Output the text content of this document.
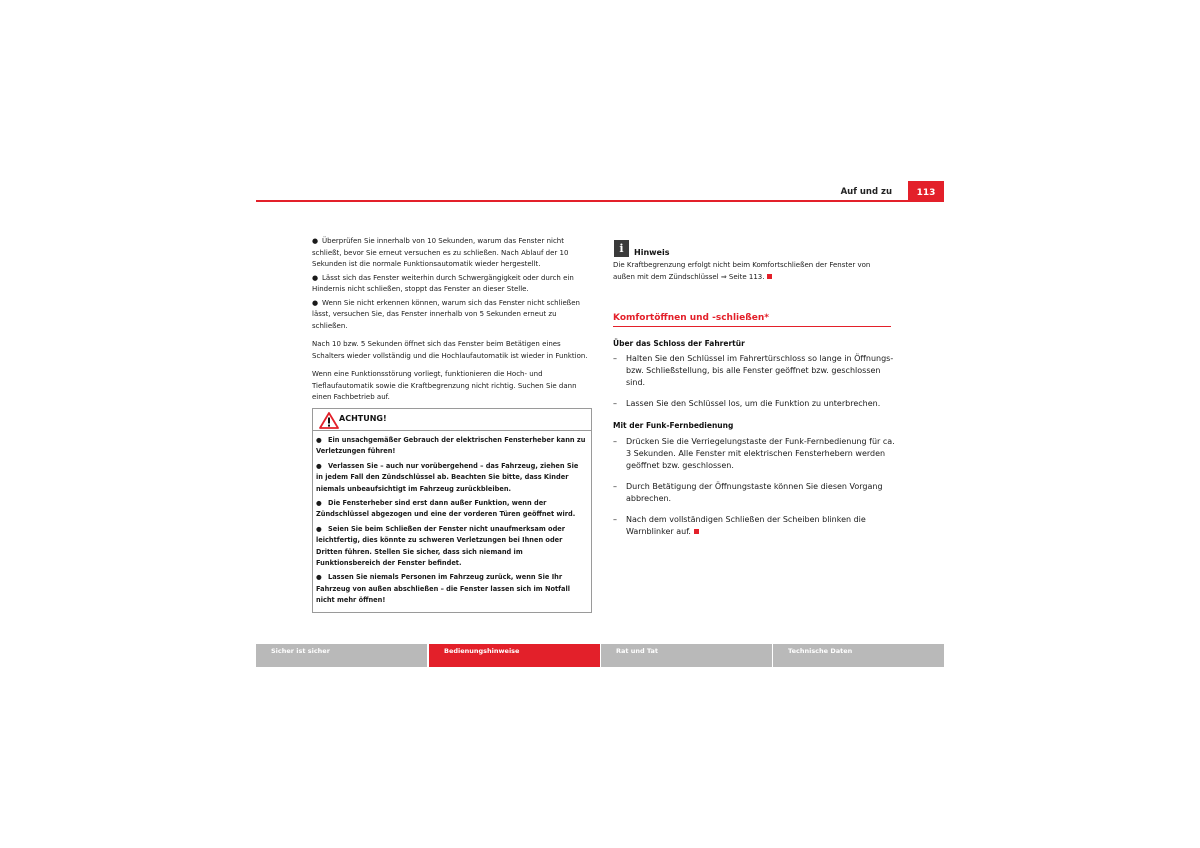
Auf und zu	113
● Überprüfen Sie innerhalb von 10 Sekunden, warum das Fenster nicht schließt, bevor Sie erneut versuchen es zu schließen. Nach Ablauf der 10 Sekunden ist die normale Funktionsautomatik wieder hergestellt.
● Lässt sich das Fenster weiterhin durch Schwergängigkeit oder durch ein Hindernis nicht schließen, stoppt das Fenster an dieser Stelle.
● Wenn Sie nicht erkennen können, warum sich das Fenster nicht schließen lässt, versuchen Sie, das Fenster innerhalb von 5 Sekunden erneut zu schließen.

Nach 10 bzw. 5 Sekunden öffnet sich das Fenster beim Betätigen eines Schalters wieder vollständig und die Hochlaufautomatik ist wieder in Funktion.

Wenn eine Funktionsstörung vorliegt, funktionieren die Hoch- und Tieflaufautomatik sowie die Kraftbegrenzung nicht richtig. Suchen Sie dann einen Fachbetrieb auf.

ACHTUNG!
● Ein unsachgemäßer Gebrauch der elektrischen Fensterheber kann zu Verletzungen führen!
● Verlassen Sie – auch nur vorübergehend – das Fahrzeug, ziehen Sie in jedem Fall den Zündschlüssel ab. Beachten Sie bitte, dass Kinder niemals unbeaufsichtigt im Fahrzeug zurückbleiben.
● Die Fensterheber sind erst dann außer Funktion, wenn der Zündschlüssel abgezogen und eine der vorderen Türen geöffnet wird.
● Seien Sie beim Schließen der Fenster nicht unaufmerksam oder leichtfertig, dies könnte zu schweren Verletzungen bei Ihnen oder Dritten führen. Stellen Sie sicher, dass sich niemand im Funktionsbereich der Fenster befindet.
● Lassen Sie niemals Personen im Fahrzeug zurück, wenn Sie Ihr Fahrzeug von außen abschließen – die Fenster lassen sich im Notfall nicht mehr öffnen!
i	Hinweis

Die Kraftbegrenzung erfolgt nicht beim Komfortschließen der Fenster von außen mit dem Zündschlüssel ⇒ Seite 113.

Komfortöffnen und -schließen*
Über das Schloss der Fahrertür
– Halten Sie den Schlüssel im Fahrertürschloss so lange in Öffnungs- bzw. Schließstellung, bis alle Fenster geöffnet bzw. geschlossen sind.
– Lassen Sie den Schlüssel los, um die Funktion zu unterbrechen.
Mit der Funk-Fernbedienung
– Drücken Sie die Verriegelungstaste der Funk-Fernbedienung für ca. 3 Sekunden. Alle Fenster mit elektrischen Fensterhebern werden geöffnet bzw. geschlossen.
– Durch Betätigung der Öffnungstaste können Sie diesen Vorgang abbrechen.
– Nach dem vollständigen Schließen der Scheiben blinken die Warnblinker auf.
Sicher ist sicher	Bedienungshinweise	Rat und Tat	Technische Daten
